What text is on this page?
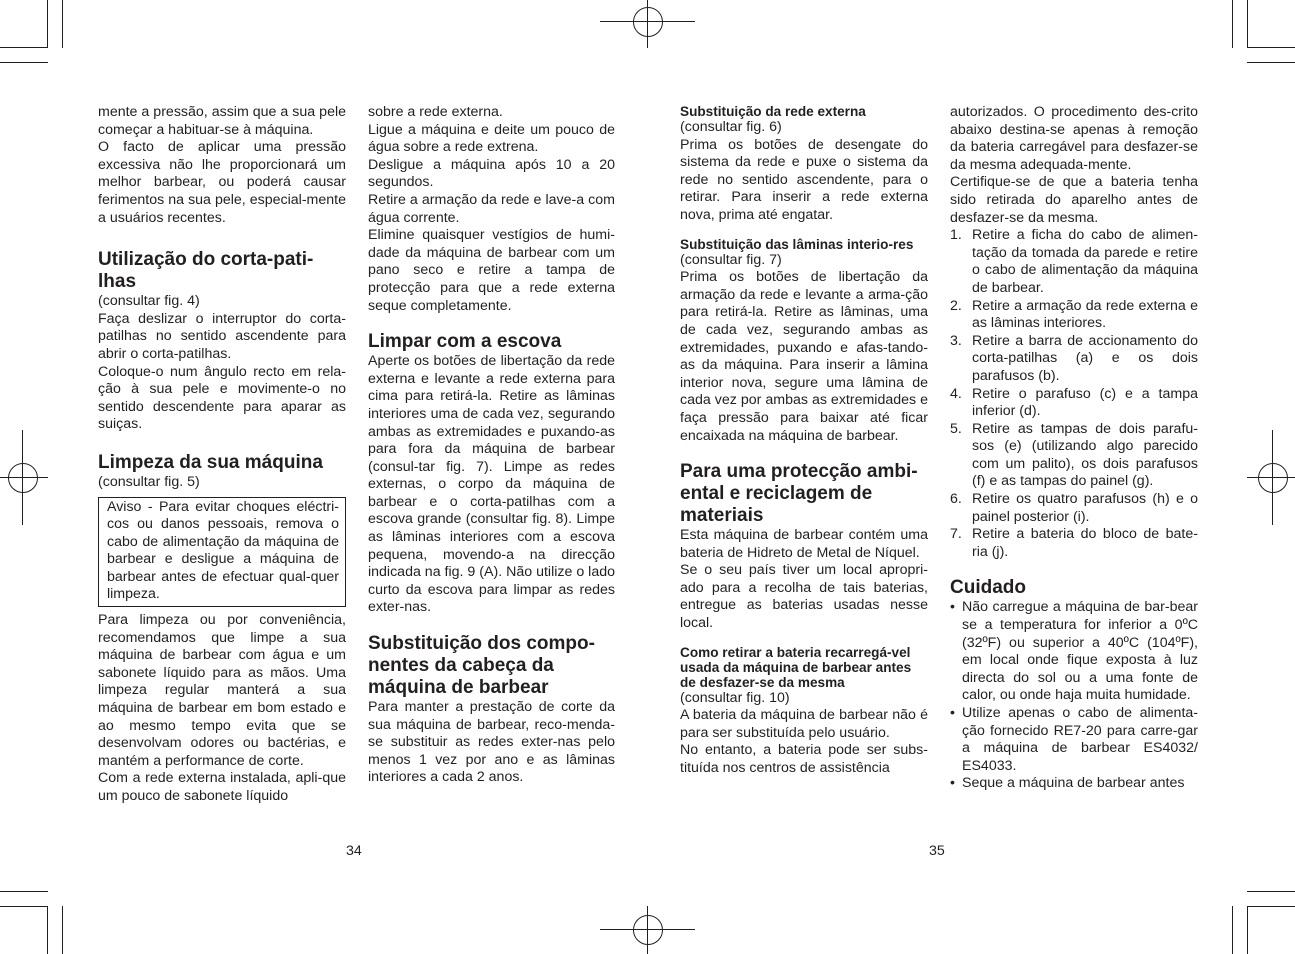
mente a pressão, assim que a sua pele começar a habituar-se à máquina.

O facto de aplicar uma pressão excessiva não lhe proporcionará um melhor barbear, ou poderá causar ferimentos na sua pele, especial-mente a usuários recentes.

Utilização do corta-pati-lhas

(consultar fig. 4)

Faça deslizar o interruptor do corta-patilhas no sentido ascendente para abrir o corta-patilhas.

Coloque-o num ângulo recto em rela-ção à sua pele e movimente-o no sentido descendente para aparar as suiças.

Limpeza da sua máquina

(consultar fig. 5)

Aviso - Para evitar choques eléctri-cos ou danos pessoais, remova o cabo de alimentação da máquina de barbear e desligue a máquina de barbear antes de efectuar qual-quer limpeza.

Para limpeza ou por conveniência, recomendamos que limpe a sua máquina de barbear com água e um sabonete líquido para as mãos. Uma limpeza regular manterá a sua máquina de barbear em bom estado e ao mesmo tempo evita que se desenvolvam odores ou bactérias, e mantém a performance de corte.

Com a rede externa instalada, apli-que um pouco de sabonete líquido

sobre a rede externa.

Ligue a máquina e deite um pouco de água sobre a rede extrena.

Desligue a máquina após 10 a 20 segundos.

Retire a armação da rede e lave-a com água corrente.

Elimine quaisquer vestígios de humi-dade da máquina de barbear com um pano seco e retire a tampa de protecção para que a rede externa seque completamente.

Limpar com a escova

Aperte os botões de libertação da rede externa e levante a rede externa para cima para retirá-la. Retire as lâminas interiores uma de cada vez, segurando ambas as extremidades e puxando-as para fora da máquina de barbear (consul-tar fig. 7). Limpe as redes externas, o corpo da máquina de barbear e o corta-patilhas com a escova grande (consultar fig. 8). Limpe as lâminas interiores com a escova pequena, movendo-a na direcção indicada na fig. 9 (A). Não utilize o lado curto da escova para limpar as redes exter-nas.

Substituição dos compo-nentes da cabeça da máquina de barbear

Para manter a prestação de corte da sua máquina de barbear, reco-menda-se substituir as redes exter-nas pelo menos 1 vez por ano e as lâminas interiores a cada 2 anos.

34
Substituição da rede externa

(consultar fig. 6)

Prima os botões de desengate do sistema da rede e puxe o sistema da rede no sentido ascendente, para o retirar. Para inserir a rede externa nova, prima até engatar.

Substituição das lâminas interio-res

(consultar fig. 7)

Prima os botões de libertação da armação da rede e levante a arma-ção para retirá-la. Retire as lâminas, uma de cada vez, segurando ambas as extremidades, puxando e afas-tando-as da máquina. Para inserir a lâmina interior nova, segure uma lâmina de cada vez por ambas as extremidades e faça pressão para baixar até ficar encaixada na máquina de barbear.

Para uma protecção ambi-ental e reciclagem de materiais

Esta máquina de barbear contém uma bateria de Hidreto de Metal de Níquel.

Se o seu país tiver um local apropri-ado para a recolha de tais baterias, entregue as baterias usadas nesse local.

Como retirar a bateria recarregá-vel usada da máquina de barbear antes de desfazer-se da mesma

(consultar fig. 10)

A bateria da máquina de barbear não é para ser substituída pelo usuário.

No entanto, a bateria pode ser subs-tituída nos centros de assistência

autorizados. O procedimento des-crito abaixo destina-se apenas à remoção da bateria carregável para desfazer-se da mesma adequada-mente.

Certifique-se de que a bateria tenha sido retirada do aparelho antes de desfazer-se da mesma.

1. Retire a ficha do cabo de alimen-tação da tomada da parede e retire o cabo de alimentação da máquina de barbear.
2. Retire a armação da rede externa e as lâminas interiores.
3. Retire a barra de accionamento do corta-patilhas (a) e os dois parafusos (b).
4. Retire o parafuso (c) e a tampa inferior (d).
5. Retire as tampas de dois parafu-sos (e) (utilizando algo parecido com um palito), os dois parafusos (f) e as tampas do painel (g).
6. Retire os quatro parafusos (h) e o painel posterior (i).
7. Retire a bateria do bloco de bate-ria (j).
Cuidado
• Não carregue a máquina de bar-bear se a temperatura for inferior a 0ºC (32ºF) ou superior a 40ºC (104ºF), em local onde fique exposta à luz directa do sol ou a uma fonte de calor, ou onde haja muita humidade.
• Utilize apenas o cabo de alimenta-ção fornecido RE7-20 para carre-gar a máquina de barbear ES4032/ ES4033.
• Seque a máquina de barbear antes
35
